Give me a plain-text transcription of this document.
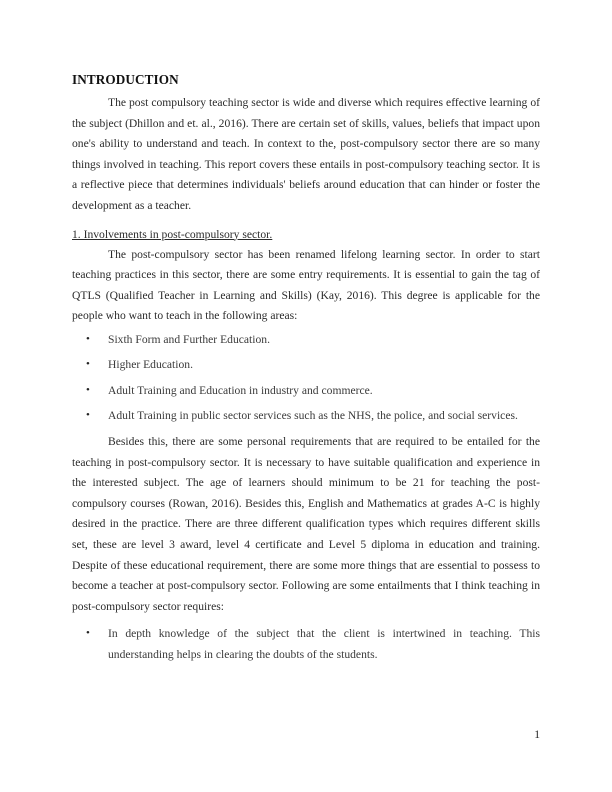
INTRODUCTION

The post compulsory teaching sector is wide and diverse which requires effective learning of the subject (Dhillon and et. al., 2016). There are certain set of skills, values, beliefs that impact upon one's ability to understand and teach. In context to the, post-compulsory sector there are so many things involved in teaching. This report covers these entails in post-compulsory teaching sector. It is a reflective piece that determines individuals' beliefs around education that can hinder or foster the development as a teacher.

1. Involvements in post-compulsory sector.

The post-compulsory sector has been renamed lifelong learning sector. In order to start teaching practices in this sector, there are some entry requirements. It is essential to gain the tag of QTLS (Qualified Teacher in Learning and Skills) (Kay, 2016). This degree is applicable for the people who want to teach in the following areas:

• Sixth Form and Further Education.
• Higher Education.
• Adult Training and Education in industry and commerce.
• Adult Training in public sector services such as the NHS, the police, and social services.

Besides this, there are some personal requirements that are required to be entailed for the teaching in post-compulsory sector. It is necessary to have suitable qualification and experience in the interested subject. The age of learners should minimum to be 21 for teaching the post-compulsory courses (Rowan, 2016). Besides this, English and Mathematics at grades A-C is highly desired in the practice. There are three different qualification types which requires different skills set, these are level 3 award, level 4 certificate and Level 5 diploma in education and training. Despite of these educational requirement, there are some more things that are essential to possess to become a teacher at post-compulsory sector. Following are some entailments that I think teaching in post-compulsory sector requires:

• In depth knowledge of the subject that the client is intertwined in teaching. This understanding helps in clearing the doubts of the students.
1
